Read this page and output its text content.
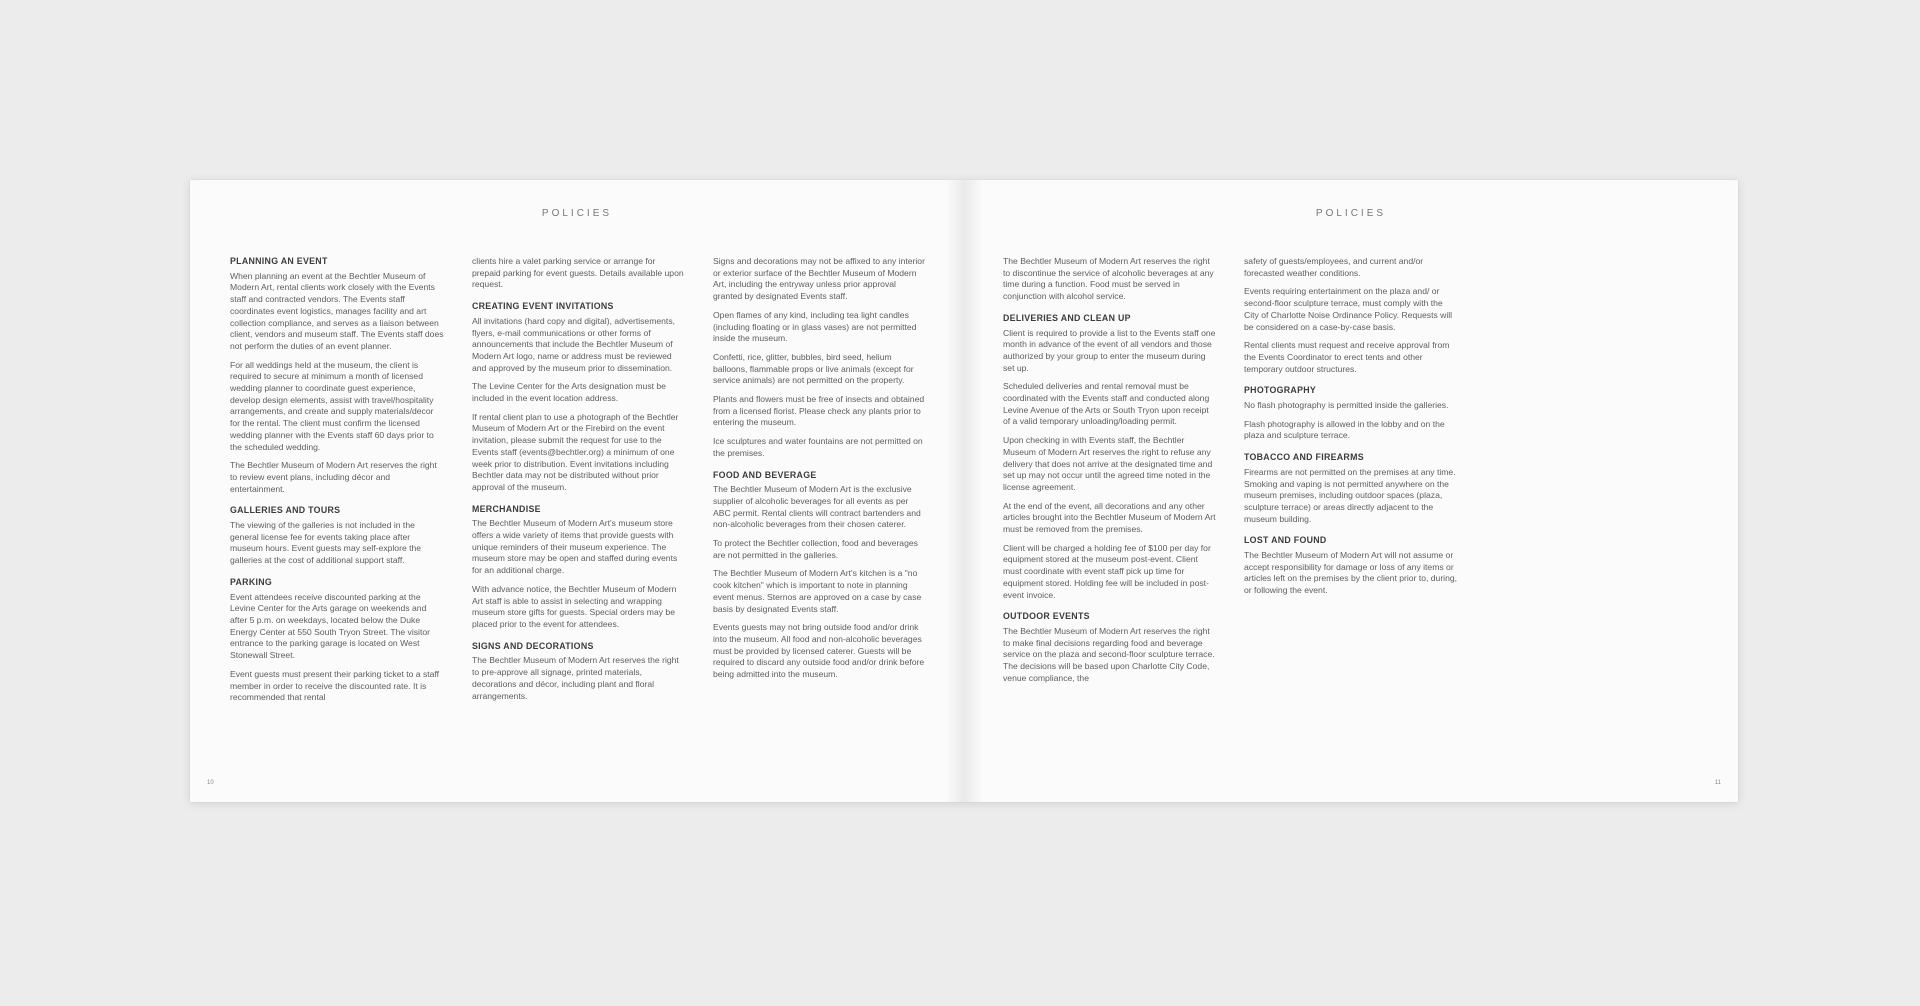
POLICIES
PLANNING AN EVENT

When planning an event at the Bechtler Museum of Modern Art, rental clients work closely with the Events staff and contracted vendors. The Events staff coordinates event logistics, manages facility and art collection compliance, and serves as a liaison between client, vendors and museum staff. The Events staff does not perform the duties of an event planner.

For all weddings held at the museum, the client is required to secure at minimum a month of licensed wedding planner to coordinate guest experience, develop design elements, assist with travel/hospitality arrangements, and create and supply materials/decor for the rental. The client must confirm the licensed wedding planner with the Events staff 60 days prior to the scheduled wedding.

The Bechtler Museum of Modern Art reserves the right to review event plans, including décor and entertainment.

GALLERIES AND TOURS

The viewing of the galleries is not included in the general license fee for events taking place after museum hours. Event guests may self-explore the galleries at the cost of additional support staff.

PARKING

Event attendees receive discounted parking at the Levine Center for the Arts garage on weekends and after 5 p.m. on weekdays, located below the Duke Energy Center at 550 South Tryon Street. The visitor entrance to the parking garage is located on West Stonewall Street.

Event guests must present their parking ticket to a staff member in order to receive the discounted rate. It is recommended that rental

clients hire a valet parking service or arrange for prepaid parking for event guests. Details available upon request.

CREATING EVENT INVITATIONS

All invitations (hard copy and digital), advertisements, flyers, e-mail communications or other forms of announcements that include the Bechtler Museum of Modern Art logo, name or address must be reviewed and approved by the museum prior to dissemination.

The Levine Center for the Arts designation must be included in the event location address.

If rental client plan to use a photograph of the Bechtler Museum of Modern Art or the Firebird on the event invitation, please submit the request for use to the Events staff (events@bechtler.org) a minimum of one week prior to distribution. Event invitations including Bechtler data may not be distributed without prior approval of the museum.

MERCHANDISE

The Bechtler Museum of Modern Art's museum store offers a wide variety of items that provide guests with unique reminders of their museum experience. The museum store may be open and staffed during events for an additional charge.

With advance notice, the Bechtler Museum of Modern Art staff is able to assist in selecting and wrapping museum store gifts for guests. Special orders may be placed prior to the event for attendees.

SIGNS AND DECORATIONS

The Bechtler Museum of Modern Art reserves the right to pre-approve all signage, printed materials, decorations and décor, including plant and floral arrangements.

Signs and decorations may not be affixed to any interior or exterior surface of the Bechtler Museum of Modern Art, including the entryway unless prior approval granted by designated Events staff.

Open flames of any kind, including tea light candles (including floating or in glass vases) are not permitted inside the museum.

Confetti, rice, glitter, bubbles, bird seed, helium balloons, flammable props or live animals (except for service animals) are not permitted on the property.

Plants and flowers must be free of insects and obtained from a licensed florist. Please check any plants prior to entering the museum.

Ice sculptures and water fountains are not permitted on the premises.

FOOD AND BEVERAGE

The Bechtler Museum of Modern Art is the exclusive supplier of alcoholic beverages for all events as per ABC permit. Rental clients will contract bartenders and non-alcoholic beverages from their chosen caterer.

To protect the Bechtler collection, food and beverages are not permitted in the galleries.

The Bechtler Museum of Modern Art's kitchen is a "no cook kitchen" which is important to note in planning event menus. Sternos are approved on a case by case basis by designated Events staff.

Events guests may not bring outside food and/or drink into the museum. All food and non-alcoholic beverages must be provided by licensed caterer. Guests will be required to discard any outside food and/or drink before being admitted into the museum.

10
POLICIES

The Bechtler Museum of Modern Art reserves the right to discontinue the service of alcoholic beverages at any time during a function. Food must be served in conjunction with alcohol service.

DELIVERIES AND CLEAN UP

Client is required to provide a list to the Events staff one month in advance of the event of all vendors and those authorized by your group to enter the museum during set up.

Scheduled deliveries and rental removal must be coordinated with the Events staff and conducted along Levine Avenue of the Arts or South Tryon upon receipt of a valid temporary unloading/loading permit.

Upon checking in with Events staff, the Bechtler Museum of Modern Art reserves the right to refuse any delivery that does not arrive at the designated time and set up may not occur until the agreed time noted in the license agreement.

At the end of the event, all decorations and any other articles brought into the Bechtler Museum of Modern Art must be removed from the premises.

Client will be charged a holding fee of $100 per day for equipment stored at the museum post-event. Client must coordinate with event staff pick up time for equipment stored. Holding fee will be included in post-event invoice.

OUTDOOR EVENTS

The Bechtler Museum of Modern Art reserves the right to make final decisions regarding food and beverage service on the plaza and second-floor sculpture terrace. The decisions will be based upon Charlotte City Code, venue compliance, the

safety of guests/employees, and current and/or forecasted weather conditions.

Events requiring entertainment on the plaza and/ or second-floor sculpture terrace, must comply with the City of Charlotte Noise Ordinance Policy. Requests will be considered on a case-by-case basis.

Rental clients must request and receive approval from the Events Coordinator to erect tents and other temporary outdoor structures.

PHOTOGRAPHY

No flash photography is permitted inside the galleries.

Flash photography is allowed in the lobby and on the plaza and sculpture terrace.

TOBACCO AND FIREARMS

Firearms are not permitted on the premises at any time. Smoking and vaping is not permitted anywhere on the museum premises, including outdoor spaces (plaza, sculpture terrace) or areas directly adjacent to the museum building.

LOST AND FOUND

The Bechtler Museum of Modern Art will not assume or accept responsibility for damage or loss of any items or articles left on the premises by the client prior to, during, or following the event.

11
